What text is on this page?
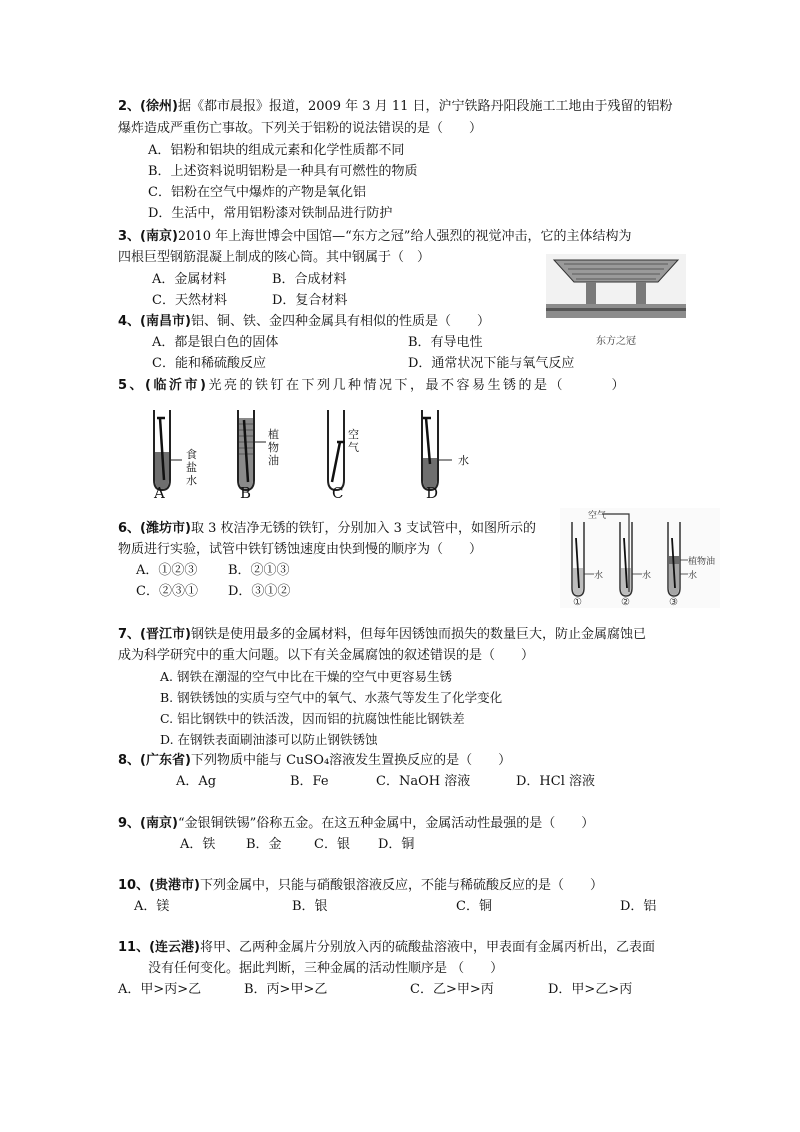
2、(徐州)据《都市晨报》报道，2009 年 3 月 11 日，沪宁铁路丹阳段施工工地由于残留的铝粉
爆炸造成严重伤亡事故。下列关于铝粉的说法错误的是（　　）
A．铝粉和铝块的组成元素和化学性质都不同
B．上述资料说明铝粉是一种具有可燃性的物质
C．铝粉在空气中爆炸的产物是氧化铝
D．生活中，常用铝粉漆对铁制品进行防护
3、(南京)2010 年上海世博会中国馆—“东方之冠”给人强烈的视觉冲击，它的主体结构为
四根巨型钢筋混凝上制成的陔心筒。其中钢属于（　）
A．金属材料	B．合成材料
C．天然材料	D．复合材料
东方之冠
4、(南昌市)铝、铜、铁、金四种金属具有相似的性质是（　　）
A．都是银白色的固体	B．有导电性
C．能和稀硫酸反应	D．通常状况下能与氧气反应
5、(临沂市)光亮的铁钉在下列几种情况下，最不容易生锈的是（　　　）
食盐水
植物油
空气
水
A	B	C	D
6、(潍坊市)取 3 枚洁净无锈的铁钉，分别加入 3 支试管中，如图所示的
物质进行实验，试管中铁钉锈蚀速度由快到慢的顺序为（　　）
A．①②③ B．②①③
C．②③① D．③①②
空气
水	水	水
植物油
①	②	③
7、(晋江市)钢铁是使用最多的金属材料，但每年因锈蚀而损失的数量巨大，防止金属腐蚀已
成为科学研究中的重大问题。以下有关金属腐蚀的叙述错误的是（　　）
A. 钢铁在潮湿的空气中比在干燥的空气中更容易生锈
B. 钢铁锈蚀的实质与空气中的氧气、水蒸气等发生了化学变化
C. 铝比钢铁中的铁活泼，因而铝的抗腐蚀性能比钢铁差
D. 在钢铁表面刷油漆可以防止钢铁锈蚀
8、(广东省)下列物质中能与 CuSO₄溶液发生置换反应的是（　　）
A．Ag	B．Fe	C．NaOH 溶液	D．HCl 溶液
9、(南京)“金银铜铁锡”俗称五金。在这五种金属中，金属活动性最强的是（　　）
A．铁 B．金 C．银 D．铜
10、(贵港市)下列金属中，只能与硝酸银溶液反应，不能与稀硫酸反应的是（　　）
A．镁	B．银	C．铜	D．铝
11、(连云港)将甲、乙两种金属片分别放入丙的硫酸盐溶液中，甲表面有金属丙析出，乙表面
没有任何变化。据此判断，三种金属的活动性顺序是 （　　）
A．甲>丙>乙	B．丙>甲>乙	C．乙>甲>丙	D．甲>乙>丙
